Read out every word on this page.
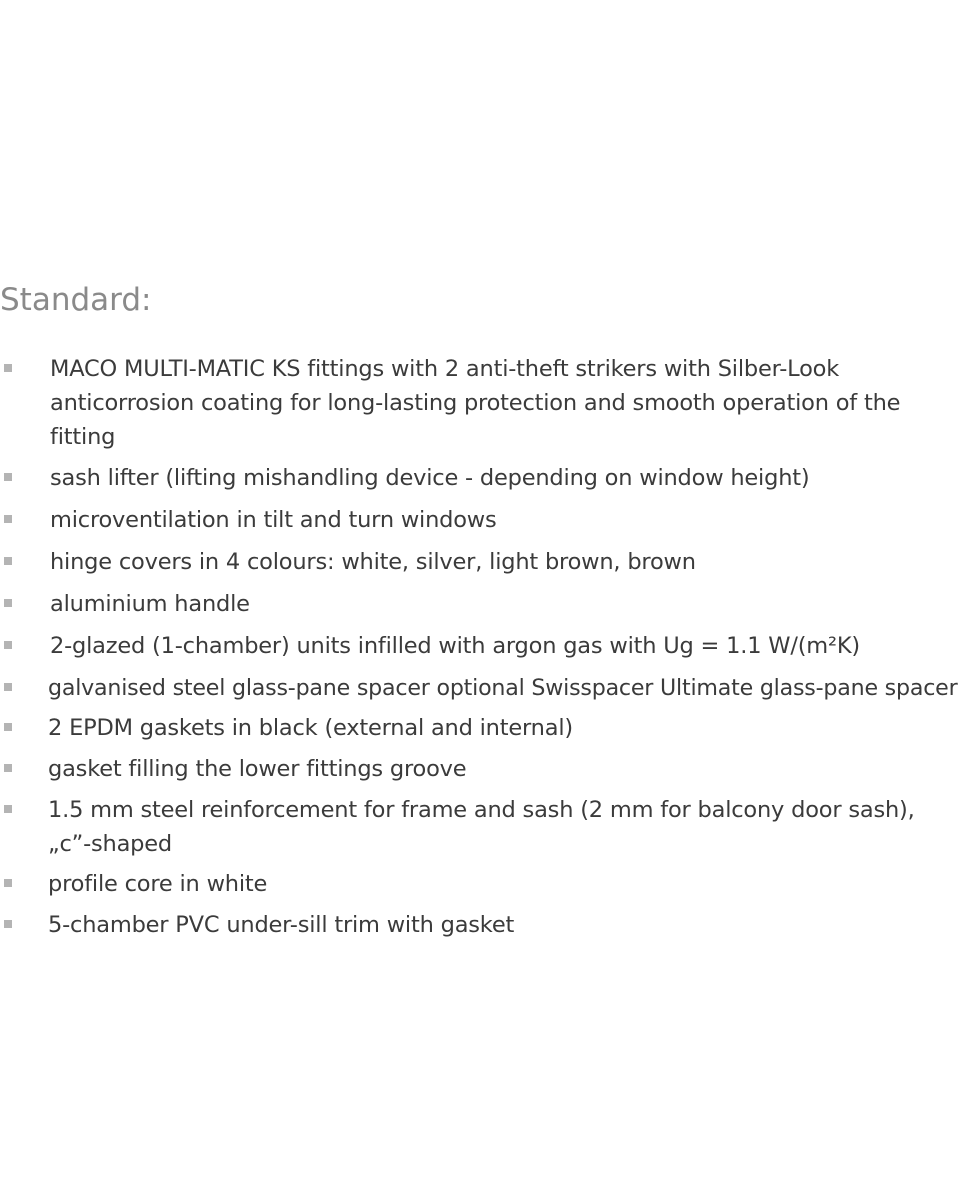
Standard:
MACO MULTI-MATIC KS fittings with 2 anti-theft strikers with Silber-Look
anticorrosion coating for long-lasting protection and smooth operation of the
fitting
sash lifter (lifting mishandling device - depending on window height)
microventilation in tilt and turn windows
hinge covers in 4 colours: white, silver, light brown, brown
aluminium handle
2-glazed (1-chamber) units infilled with argon gas with Ug = 1.1 W/(m²K)
galvanised steel glass-pane spacer optional Swisspacer Ultimate glass-pane spacer
2 EPDM gaskets in black (external and internal)
gasket filling the lower fittings groove
1.5 mm steel reinforcement for frame and sash (2 mm for balcony door sash),
„c”-shaped
profile core in white
5-chamber PVC under-sill trim with gasket
